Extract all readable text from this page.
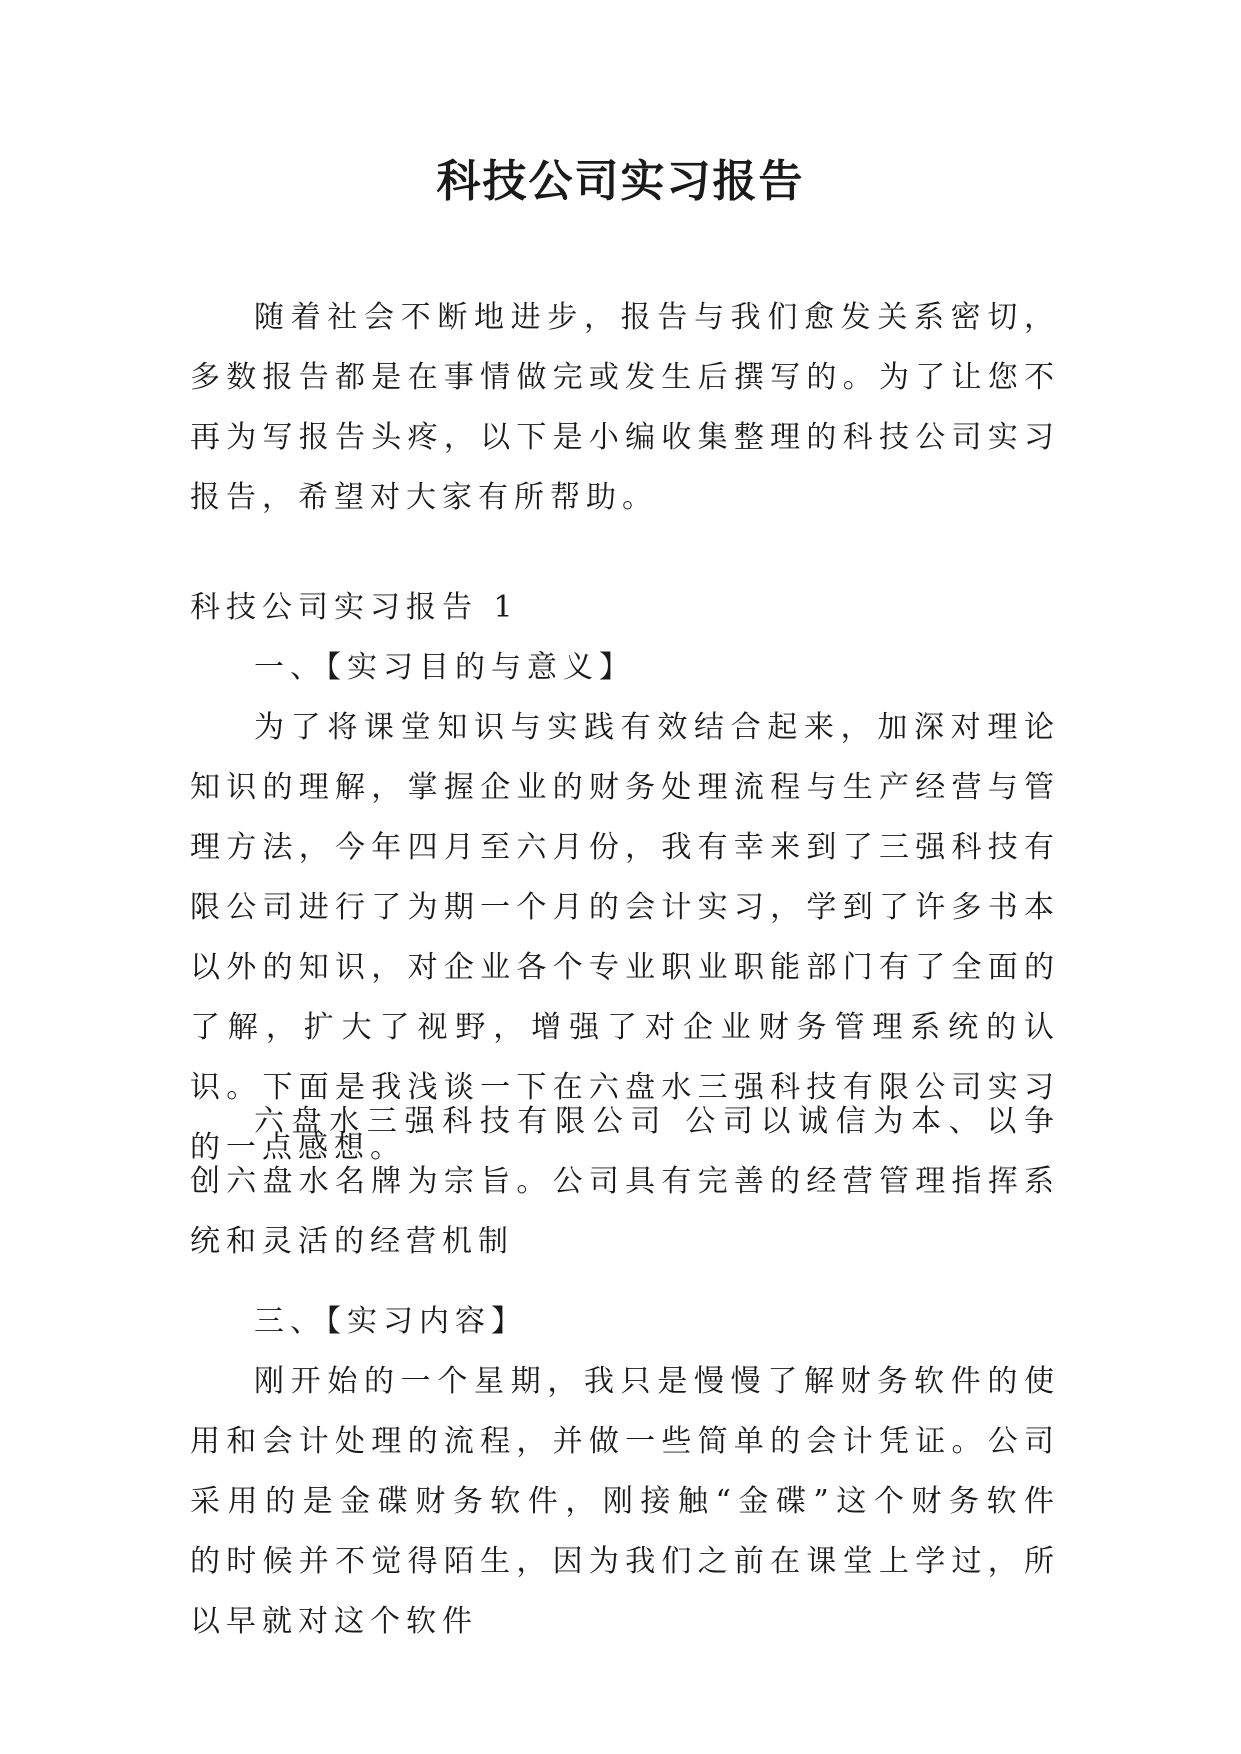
科技公司实习报告

随着社会不断地进步，报告与我们愈发关系密切，多数报告都是在事情做完或发生后撰写的。为了让您不再为写报告头疼，以下是小编收集整理的科技公司实习报告，希望对大家有所帮助。

科技公司实习报告 1

一、【实习目的与意义】

为了将课堂知识与实践有效结合起来，加深对理论知识的理解，掌握企业的财务处理流程与生产经营与管理方法，今年四月至六月份，我有幸来到了三强科技有限公司进行了为期一个月的会计实习，学到了许多书本以外的知识，对企业各个专业职业职能部门有了全面的了解，扩大了视野，增强了对企业财务管理系统的认识。下面是我浅谈一下在六盘水三强科技有限公司实习的一点感想。

六盘水三强科技有限公司 公司以诚信为本、以争创六盘水名牌为宗旨。公司具有完善的经营管理指挥系统和灵活的经营机制

三、【实习内容】

刚开始的一个星期，我只是慢慢了解财务软件的使用和会计处理的流程，并做一些简单的会计凭证。公司采用的是金碟财务软件，刚接触“金碟”这个财务软件的时候并不觉得陌生，因为我们之前在课堂上学过，所以早就对这个软件
